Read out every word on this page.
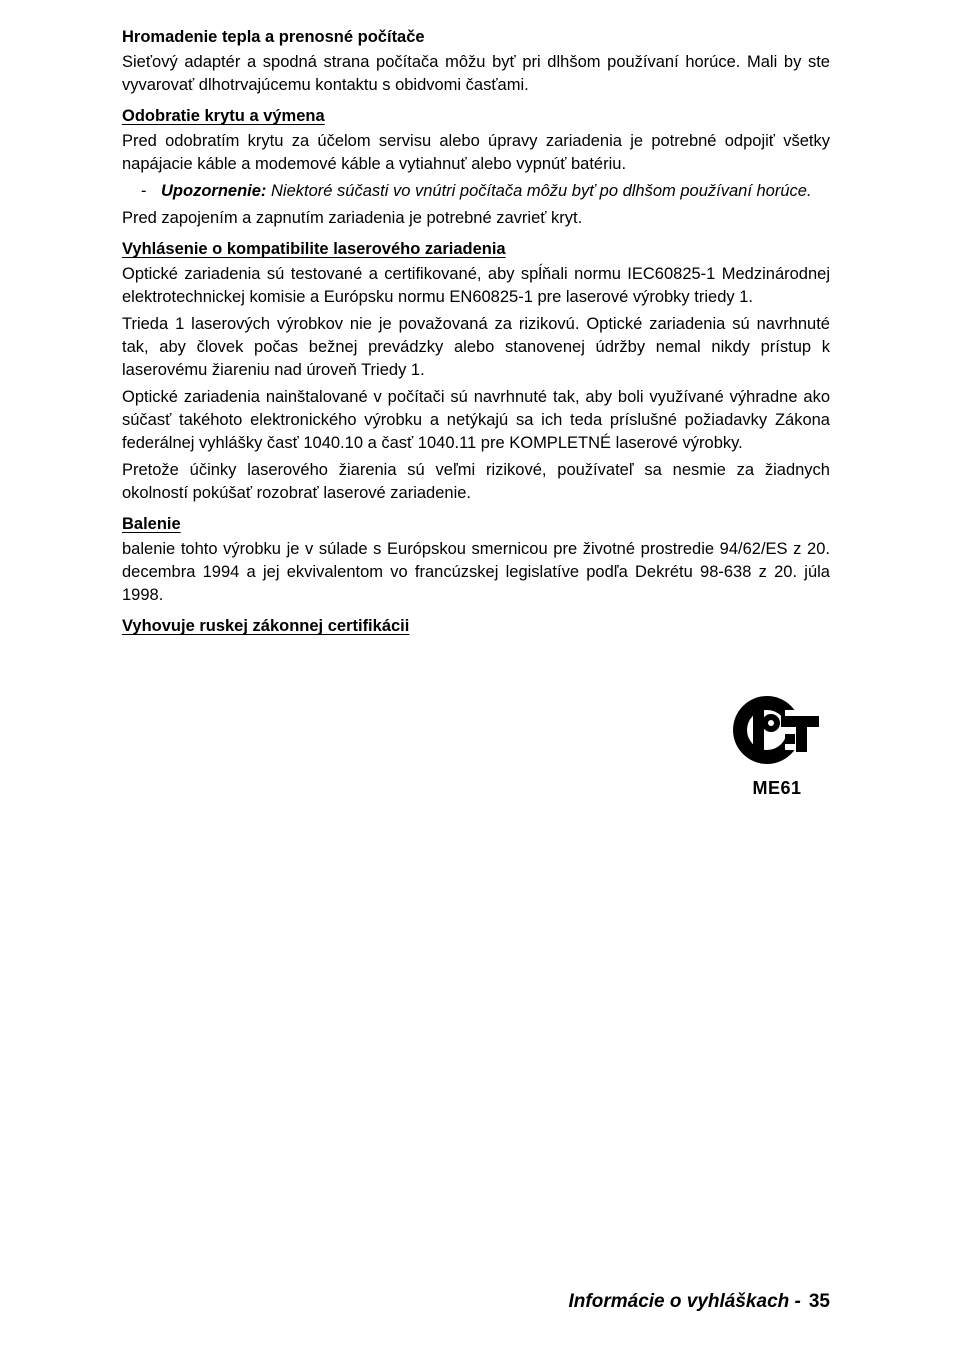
Hromadenie tepla a prenosné počítače

Sieťový adaptér a spodná strana počítača môžu byť pri dlhšom používaní horúce. Mali by ste vyvarovať dlhotrvajúcemu kontaktu s obidvomi časťami.

Odobratie krytu a výmena

Pred odobratím krytu za účelom servisu alebo úpravy zariadenia je potrebné odpojiť všetky napájacie káble a modemové káble a vytiahnuť alebo vypnúť batériu.

- Upozornenie: Niektoré súčasti vo vnútri počítača môžu byť po dlhšom používaní horúce.

Pred zapojením a zapnutím zariadenia je potrebné zavrieť kryt.

Vyhlásenie o kompatibilite laserového zariadenia

Optické zariadenia sú testované a certifikované, aby spĺňali normu IEC60825-1 Medzinárodnej elektrotechnickej komisie a Európsku normu EN60825-1 pre laserové výrobky triedy 1.

Trieda 1 laserových výrobkov nie je považovaná za rizikovú. Optické zariadenia sú navrhnuté tak, aby človek počas bežnej prevádzky alebo stanovenej údržby nemal nikdy prístup k laserovému žiareniu nad úroveň Triedy 1.

Optické zariadenia nainštalované v počítači sú navrhnuté tak, aby boli využívané výhradne ako súčasť takéhoto elektronického výrobku a netýkajú sa ich teda príslušné požiadavky Zákona federálnej vyhlášky časť 1040.10 a časť 1040.11 pre KOMPLETNÉ laserové výrobky.

Pretože účinky laserového žiarenia sú veľmi rizikové, používateľ sa nesmie za žiadnych okolností pokúšať rozobrať laserové zariadenie.

Balenie

balenie tohto výrobku je v súlade s Európskou smernicou pre životné prostredie 94/62/ES z 20. decembra 1994 a jej ekvivalentom vo francúzskej legislatíve podľa Dekrétu 98-638 z 20. júla 1998.

Vyhovuje ruskej zákonnej certifikácii
ME61
Informácie o vyhláškach - 35
